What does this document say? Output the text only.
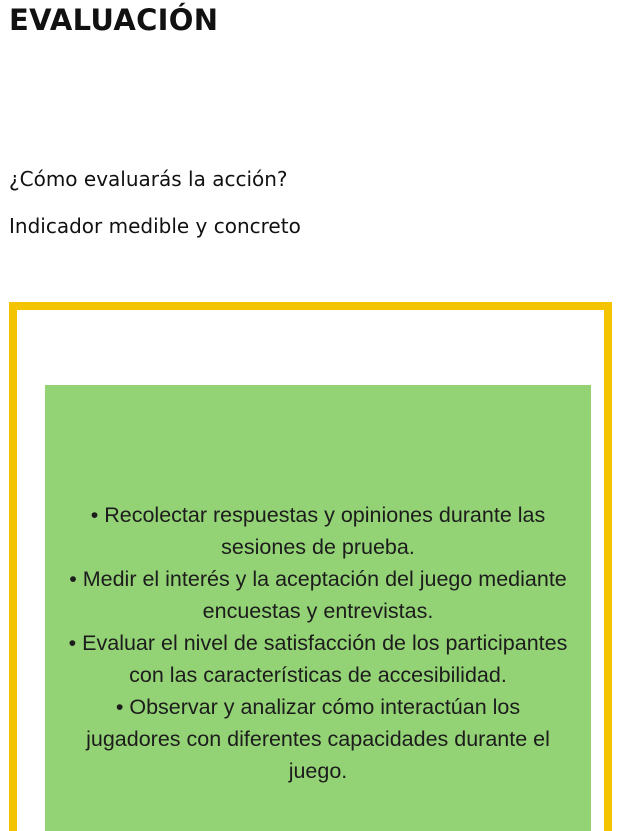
EVALUACIÓN

¿Cómo evaluarás la acción?

Indicador medible y concreto

• Recolectar respuestas y opiniones durante las sesiones de prueba.

• Medir el interés y la aceptación del juego mediante encuestas y entrevistas.

• Evaluar el nivel de satisfacción de los participantes con las características de accesibilidad.

• Observar y analizar cómo interactúan los jugadores con diferentes capacidades durante el juego.
